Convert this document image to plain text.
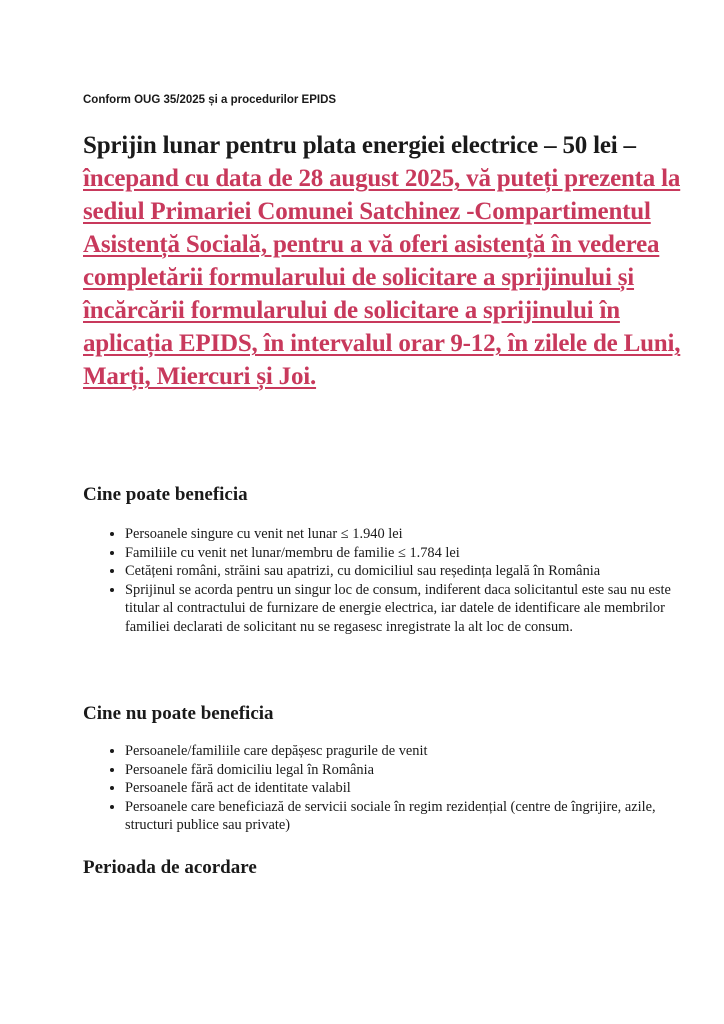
Conform OUG 35/2025 și a procedurilor EPIDS
Sprijin lunar pentru plata energiei electrice – 50 lei – începand cu data de 28 august 2025, vă puteți prezenta la sediul Primariei Comunei Satchinez -Compartimentul Asistență Socială, pentru a vă oferi asistență în vederea completării formularului de solicitare a sprijinului și încărcării formularului de solicitare a sprijinului în aplicația EPIDS, în intervalul orar 9-12, în zilele de Luni, Marți, Miercuri și Joi.
Cine poate beneficia
• Persoanele singure cu venit net lunar ≤ 1.940 lei
• Familiile cu venit net lunar/membru de familie ≤ 1.784 lei
• Cetățeni români, străini sau apatrizi, cu domiciliul sau reședința legală în România
• Sprijinul se acorda pentru un singur loc de consum, indiferent daca solicitantul este sau nu este titular al contractului de furnizare de energie electrica, iar datele de identificare ale membrilor familiei declarati de solicitant nu se regasesc inregistrate la alt loc de consum.
Cine nu poate beneficia
• Persoanele/familiile care depășesc pragurile de venit
• Persoanele fără domiciliu legal în România
• Persoanele fără act de identitate valabil
• Persoanele care beneficiază de servicii sociale în regim rezidențial (centre de îngrijire, azile, structuri publice sau private)
Perioada de acordare
